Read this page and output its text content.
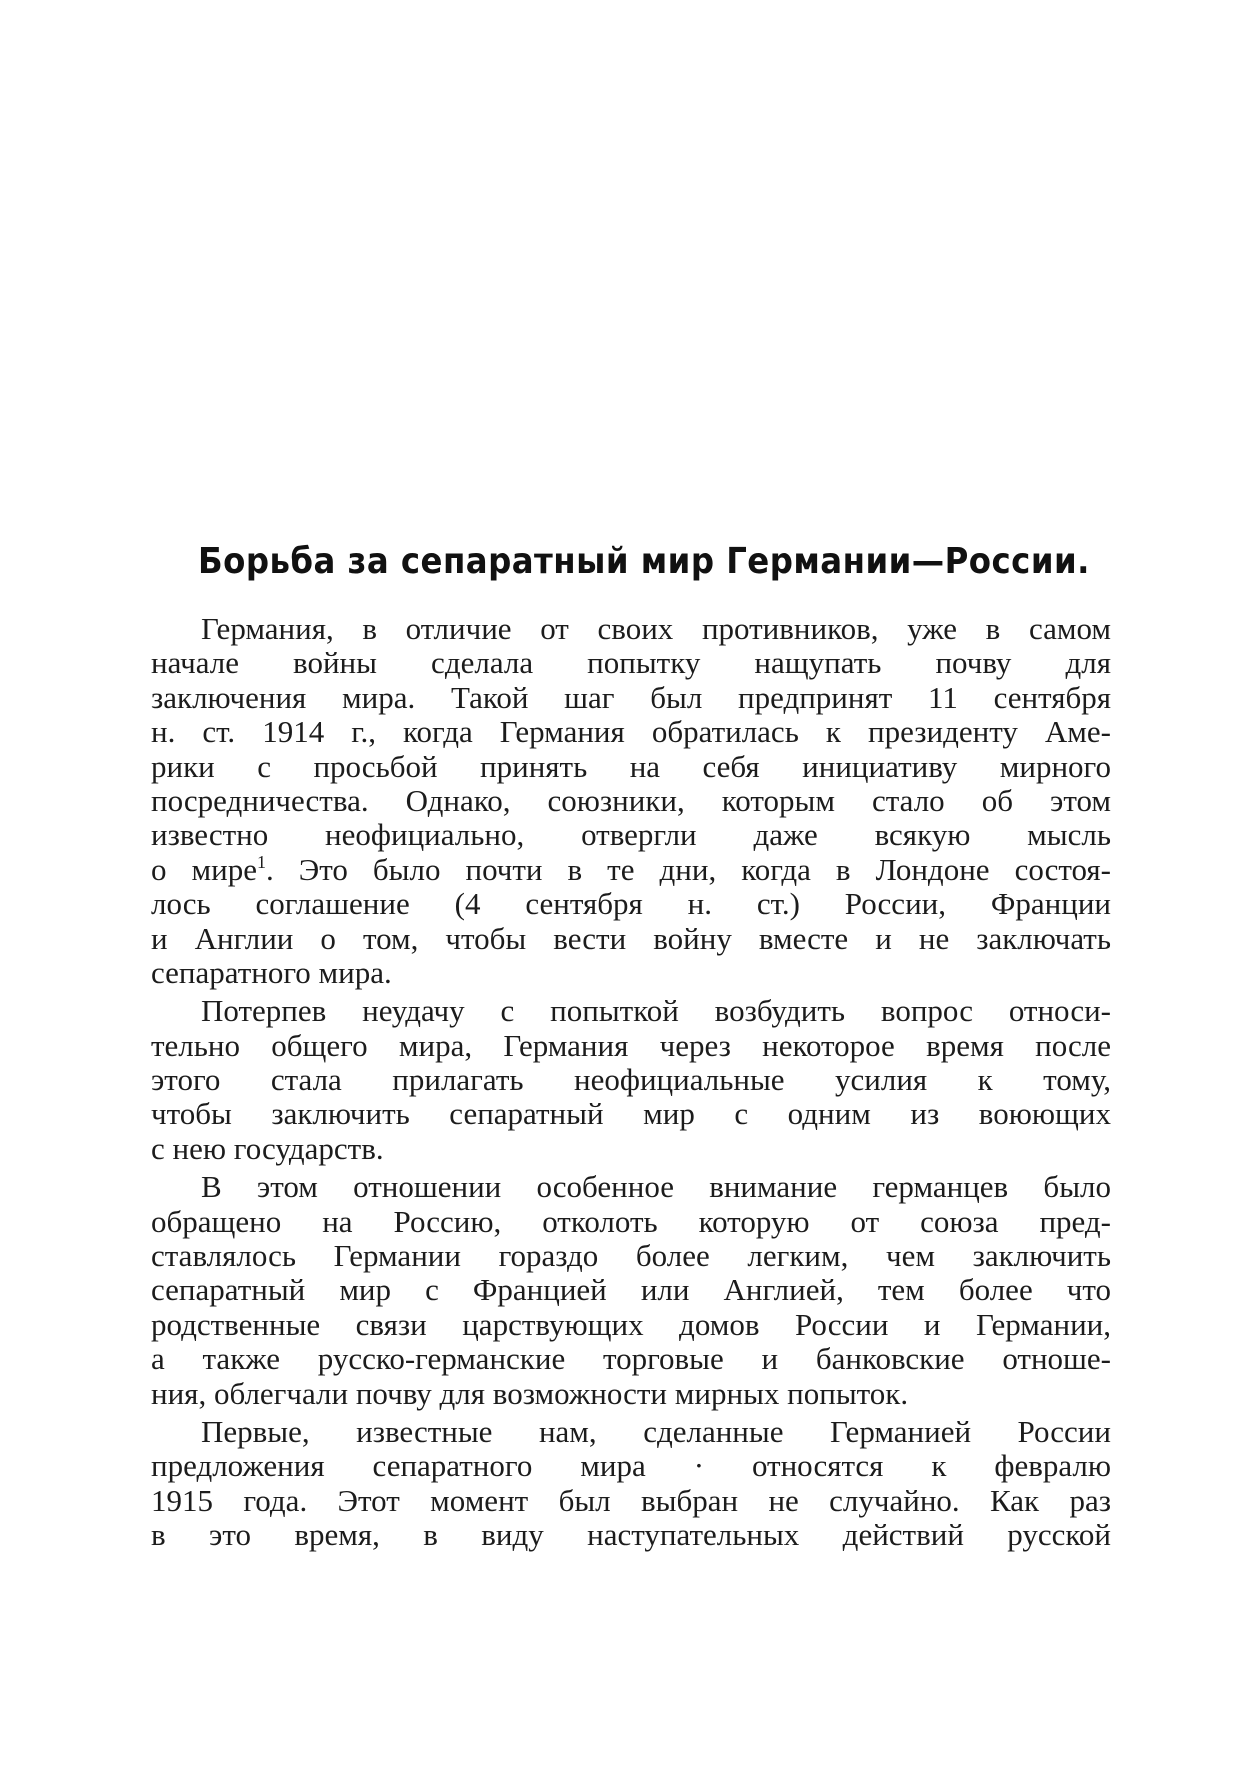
Борьба за сепаратный мир Германии—России.
Германия, в отличие от своих противников, уже в самом
начале войны сделала попытку нащупать почву для
заключения мира. Такой шаг был предпринят 11 сентября
н. ст. 1914 г., когда Германия обратилась к президенту Аме-
рики с просьбой принять на себя инициативу мирного
посредничества. Однако, союзники, которым стало об этом
известно неофициально, отвергли даже всякую мысль
о мире$^1$. Это было почти в те дни, когда в Лондоне состоя-
лось соглашение (4 сентября н. ст.) России, Франции
и Англии о том, чтобы вести войну вместе и не заключать
сепаратного мира.
Потерпев неудачу с попыткой возбудить вопрос относи-
тельно общего мира, Германия через некоторое время после
этого стала прилагать неофициальные усилия к тому,
чтобы заключить сепаратный мир с одним из воюющих
с нею государств.
В этом отношении особенное внимание германцев было
обращено на Россию, отколоть которую от союза пред-
ставлялось Германии гораздо более легким, чем заключить
сепаратный мир с Францией или Англией, тем более что
родственные связи царствующих домов России и Германии,
а также русско-германские торговые и банковские отноше-
ния, облегчали почву для возможности мирных попыток.
Первые, известные нам, сделанные Германией России
предложения сепаратного мира · относятся к февралю
1915 года. Этот момент был выбран не случайно. Как раз
в это время, в виду наступательных действий русской
